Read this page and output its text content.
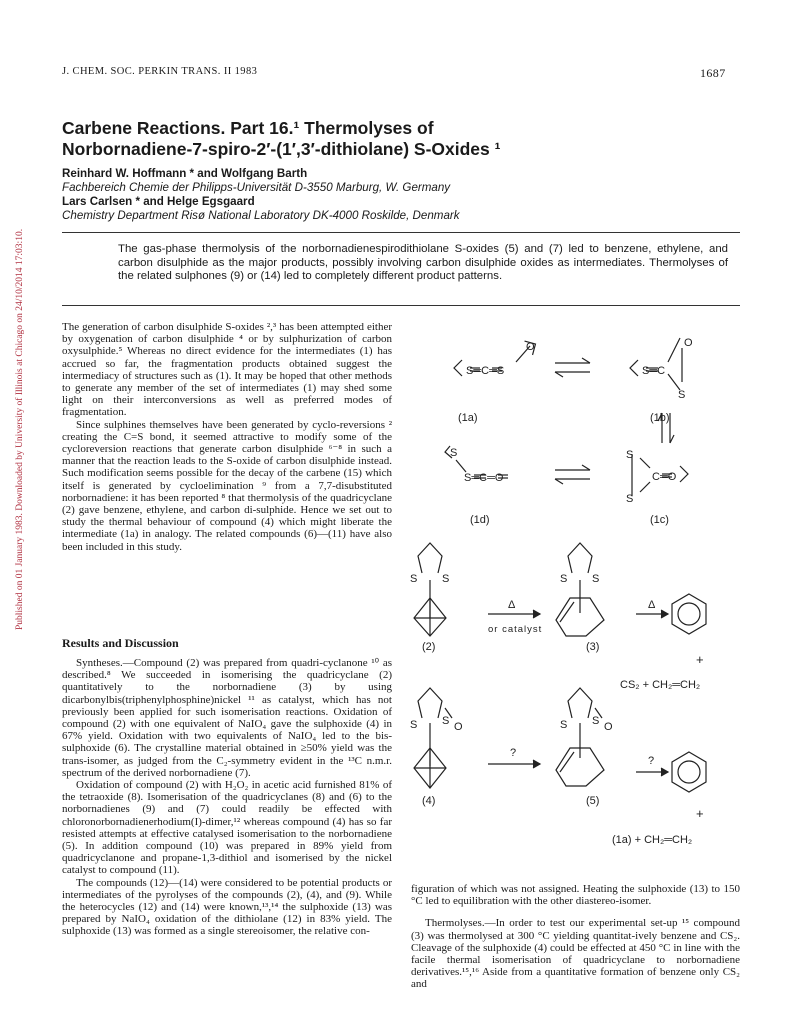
J. CHEM. SOC. PERKIN TRANS. II 1983	1687
Published on 01 January 1983. Downloaded by University of Illinois at Chicago on 24/10/2014 17:03:10.
Carbene Reactions. Part 16.¹ Thermolyses of
Norbornadiene-7-spiro-2′-(1′,3′-dithiolane) S-Oxides ¹
Reinhard W. Hoffmann * and Wolfgang Barth
Fachbereich Chemie der Philipps-Universität D-3550 Marburg, W. Germany
Lars Carlsen * and Helge Egsgaard
Chemistry Department Risø National Laboratory DK-4000 Roskilde, Denmark
The gas-phase thermolysis of the norbornadienespirodithiolane S-oxides (5) and (7) led to benzene, ethylene, and carbon disulphide as the major products, possibly involving carbon disulphide oxides as intermediates. Thermolyses of the related sulphones (9) or (14) led to completely different product patterns.

The generation of carbon disulphide S-oxides ²,³ has been attempted either by oxygenation of carbon disulphide ⁴ or by sulphurization of carbon oxysulphide.⁵ Whereas no direct evidence for the intermediates (1) has accrued so far, the fragmentation products obtained suggest the intermediacy of structures such as (1). It may be hoped that other methods to generate any member of the set of intermediates (1) may shed some light on their interconversions as well as preferred modes of fragmentation.

Since sulphines themselves have been generated by cyclo-reversions ² creating the C=S bond, it seemed attractive to modify some of the cycloreversion reactions that generate carbon disulphide ⁶⁻⁸ in such a manner that the reaction leads to the S-oxide of carbon disulphide instead. Such modification seems possible for the decay of the carbene (15) which itself is generated by cycloelimination ⁹ from a 7,7-disubstituted norbornadiene: it has been reported ⁸ that thermolysis of the quadricyclane (2) gave benzene, ethylene, and carbon di-sulphide. Hence we set out to study the thermal behaviour of compound (4) which might liberate the intermediate (1a) in analogy. The related compounds (6)—(11) have also been included in this study.

Results and Discussion

Syntheses.—Compound (2) was prepared from quadri-cyclanone ¹⁰ as described.⁸ We succeeded in isomerising the quadricyclane (2) quantitatively to the norbornadiene (3) by using dicarbonylbis(triphenylphosphine)nickel ¹¹ as catalyst, which has not previously been applied for such isomerisation reactions. Oxidation of compound (2) with one equivalent of NaIO₄ gave the sulphoxide (4) in 67% yield. Oxidation with two equivalents of NaIO₄ led to the bis-sulphoxide (6). The crystalline material obtained in ≥50% yield was the trans-isomer, as judged from the C₂-symmetry evident in the ¹³C n.m.r. spectrum of the derived norbornadiene (7).

Oxidation of compound (2) with H₂O₂ in acetic acid furnished 81% of the tetraoxide (8). Isomerisation of the quadricyclanes (8) and (6) to the norbornadienes (9) and (7) could readily be effected with chloronorbornadienerhodium(I)-dimer,¹² whereas compound (4) has so far resisted attempts at effective catalysed isomerisation to the norbornadiene (5). In addition compound (10) was prepared in 89% yield from quadricyclanone and propane-1,3-dithiol and isomerised by the nickel catalyst to compound (11).

The compounds (12)—(14) were considered to be potential products or intermediates of the pyrolyses of the compounds (2), (4), and (9). While the heterocycles (12) and (14) were known,¹³,¹⁴ the sulphoxide (13) was prepared by NaIO₄ oxidation of the dithiolane (12) in 83% yield. The sulphoxide (13) was formed as a single stereoisomer, the relative con-

figuration of which was not assigned. Heating the sulphoxide (13) to 150 °C led to equilibration with the other diastereo-isomer.

Thermolyses.—In order to test our experimental set-up ¹⁵ compound (3) was thermolysed at 300 °C yielding quantitat-ively benzene and CS₂. Cleavage of the sulphoxide (4) could be effected at 450 °C in line with the facile thermal isomerisation of quadricyclane to norbornadiene derivatives.¹⁵,¹⁶ Aside from a quantitative formation of benzene only CS₂ and

(1a)	(1b)
(1d)	(1c)
S═C═S
O
S═C
O
S
S
S═C═O
S
S
C═O
(2)	(3)
(4)	(5)
S S	S S
S S O	S S O
Δ
or catalyst
Δ
?
?
+
CS₂ + CH₂═CH₂
+
(1a) + CH₂═CH₂
